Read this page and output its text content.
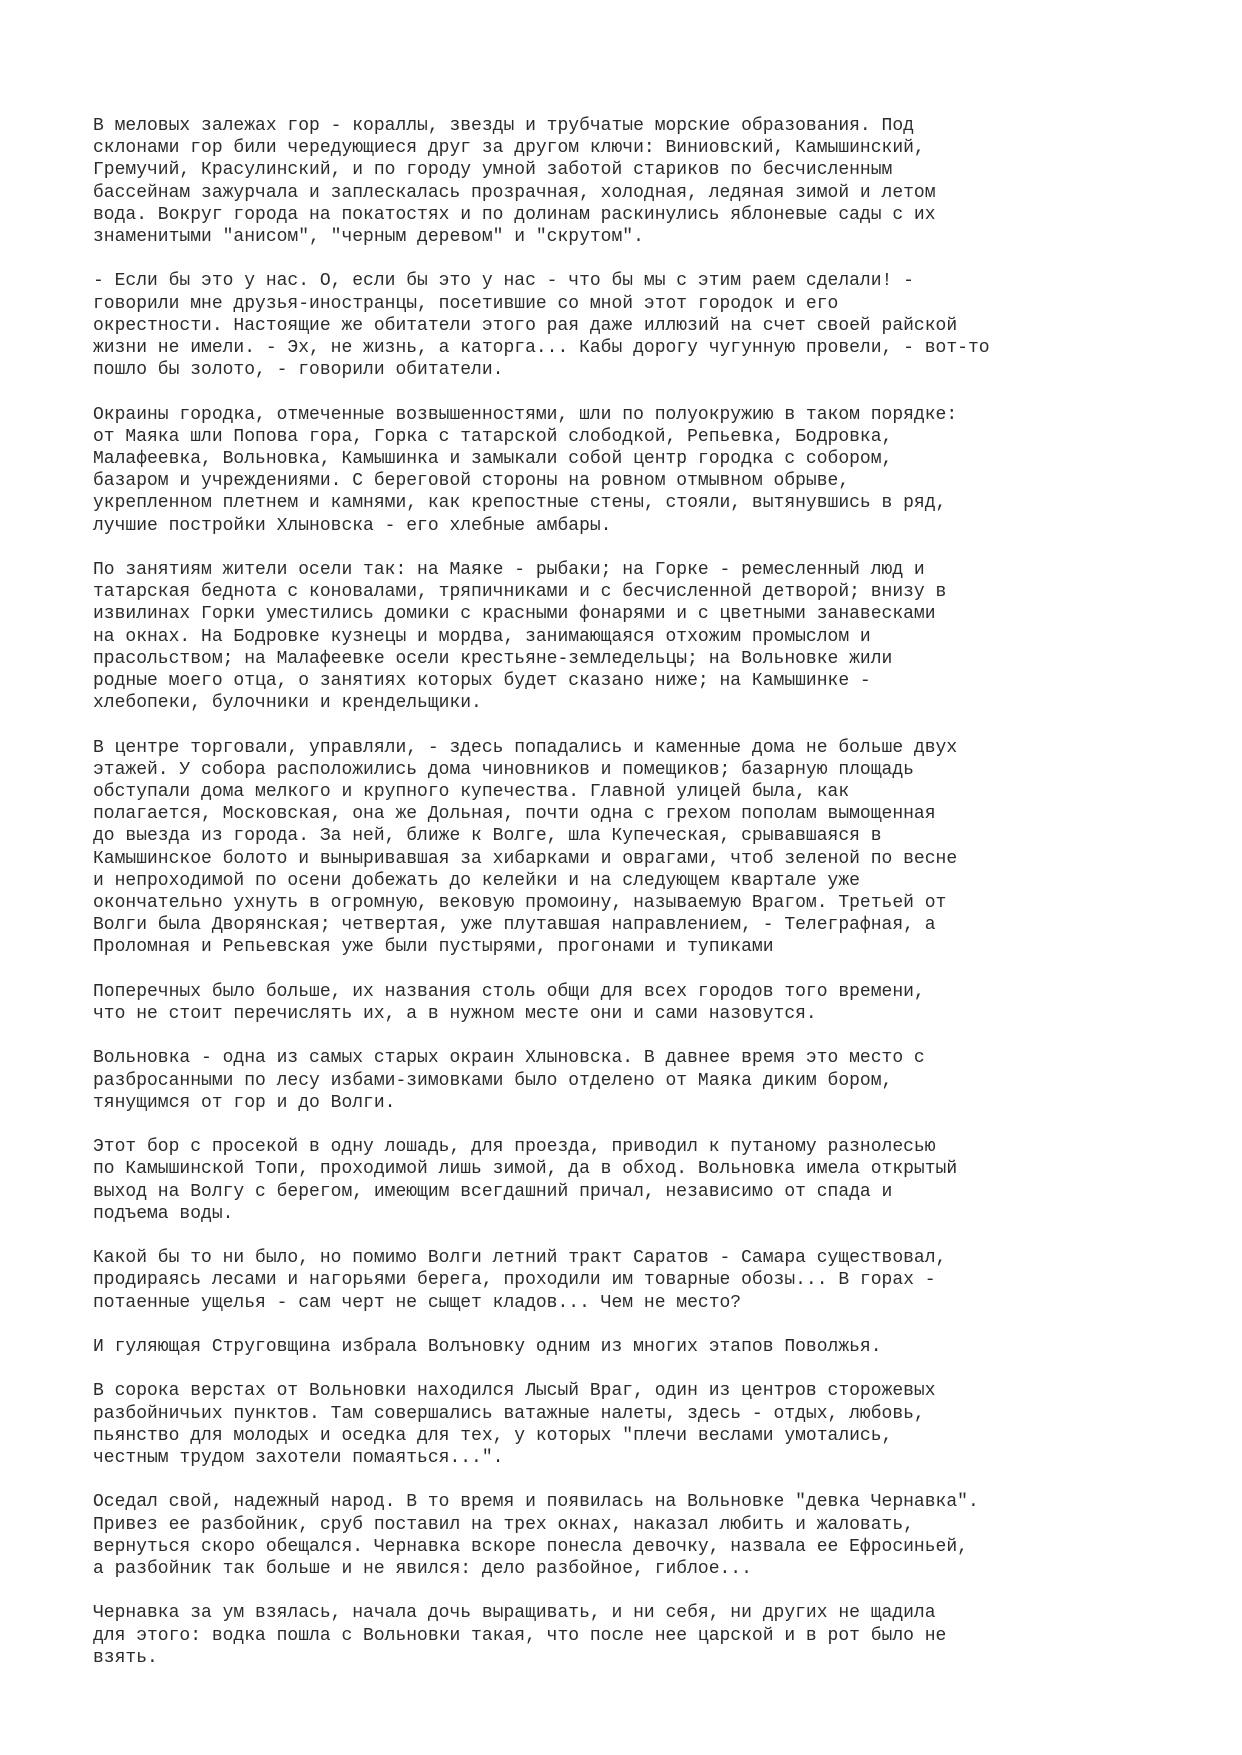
В меловых залежах гор - кораллы, звезды и трубчатые морские образования. Под
склонами гор били чередующиеся друг за другом ключи: Виниовский, Камышинский,
Гремучий, Красулинский, и по городу умной заботой стариков по бесчисленным
бассейнам зажурчала и заплескалась прозрачная, холодная, ледяная зимой и летом
вода. Вокруг города на покатостях и по долинам раскинулись яблоневые сады с их
знаменитыми "анисом", "черным деревом" и "скрутом".

- Если бы это у нас. О, если бы это у нас - что бы мы с этим раем сделали! -
говорили мне друзья-иностранцы, посетившие со мной этот городок и его
окрестности. Настоящие же обитатели этого рая даже иллюзий на счет своей райской
жизни не имели. - Эх, не жизнь, а каторга... Кабы дорогу чугунную провели, - вот-то
пошло бы золото, - говорили обитатели.

Окраины городка, отмеченные возвышенностями, шли по полуокружию в таком порядке:
от Маяка шли Попова гора, Горка с татарской слободкой, Репьевка, Бодровка,
Малафеевка, Вольновка, Камышинка и замыкали собой центр городка с собором,
базаром и учреждениями. С береговой стороны на ровном отмывном обрыве,
укрепленном плетнем и камнями, как крепостные стены, стояли, вытянувшись в ряд,
лучшие постройки Хлыновска - его хлебные амбары.

По занятиям жители осели так: на Маяке - рыбаки; на Горке - ремесленный люд и
татарская беднота с коновалами, тряпичниками и с бесчисленной детворой; внизу в
извилинах Горки уместились домики с красными фонарями и с цветными занавесками
на окнах. На Бодровке кузнецы и мордва, занимающаяся отхожим промыслом и
прасольством; на Малафеевке осели крестьяне-земледельцы; на Вольновке жили
родные моего отца, о занятиях которых будет сказано ниже; на Камышинке -
хлебопеки, булочники и крендельщики.

В центре торговали, управляли, - здесь попадались и каменные дома не больше двух
этажей. У собора расположились дома чиновников и помещиков; базарную площадь
обступали дома мелкого и крупного купечества. Главной улицей была, как
полагается, Московская, она же Дольная, почти одна с грехом пополам вымощенная
до выезда из города. За ней, ближе к Волге, шла Купеческая, срывавшаяся в
Камышинское болото и выныривавшая за хибарками и оврагами, чтоб зеленой по весне
и непроходимой по осени добежать до келейки и на следующем квартале уже
окончательно ухнуть в огромную, вековую промоину, называемую Врагом. Третьей от
Волги была Дворянская; четвертая, уже плутавшая направлением, - Телеграфная, а
Проломная и Репьевская уже были пустырями, прогонами и тупиками

Поперечных было больше, их названия столь общи для всех городов того времени,
что не стоит перечислять их, а в нужном месте они и сами назовутся.

Вольновка - одна из самых старых окраин Хлыновска. В давнее время это место с
разбросанными по лесу избами-зимовками было отделено от Маяка диким бором,
тянущимся от гор и до Волги.

Этот бор с просекой в одну лошадь, для проезда, приводил к путаному разнолесью
по Камышинской Топи, проходимой лишь зимой, да в обход. Вольновка имела открытый
выход на Волгу с берегом, имеющим всегдашний причал, независимо от спада и
подъема воды.

Какой бы то ни было, но помимо Волги летний тракт Саратов - Самара существовал,
продираясь лесами и нагорьями берега, проходили им товарные обозы... В горах -
потаенные ущелья - сам черт не сыщет кладов... Чем не место?

И гуляющая Струговщина избрала Волъновку одним из многих этапов Поволжья.

В сорока верстах от Вольновки находился Лысый Враг, один из центров сторожевых
разбойничьих пунктов. Там совершались ватажные налеты, здесь - отдых, любовь,
пьянство для молодых и оседка для тех, у которых "плечи веслами умотались,
честным трудом захотели помаяться...".

Оседал свой, надежный народ. В то время и появилась на Вольновке "девка Чернавка".
Привез ее разбойник, сруб поставил на трех окнах, наказал любить и жаловать,
вернуться скоро обещался. Чернавка вскоре понесла девочку, назвала ее Ефросиньей,
а разбойник так больше и не явился: дело разбойное, гиблое...

Чернавка за ум взялась, начала дочь выращивать, и ни себя, ни других не щадила
для этого: водка пошла с Вольновки такая, что после нее царской и в рот было не
взять.
